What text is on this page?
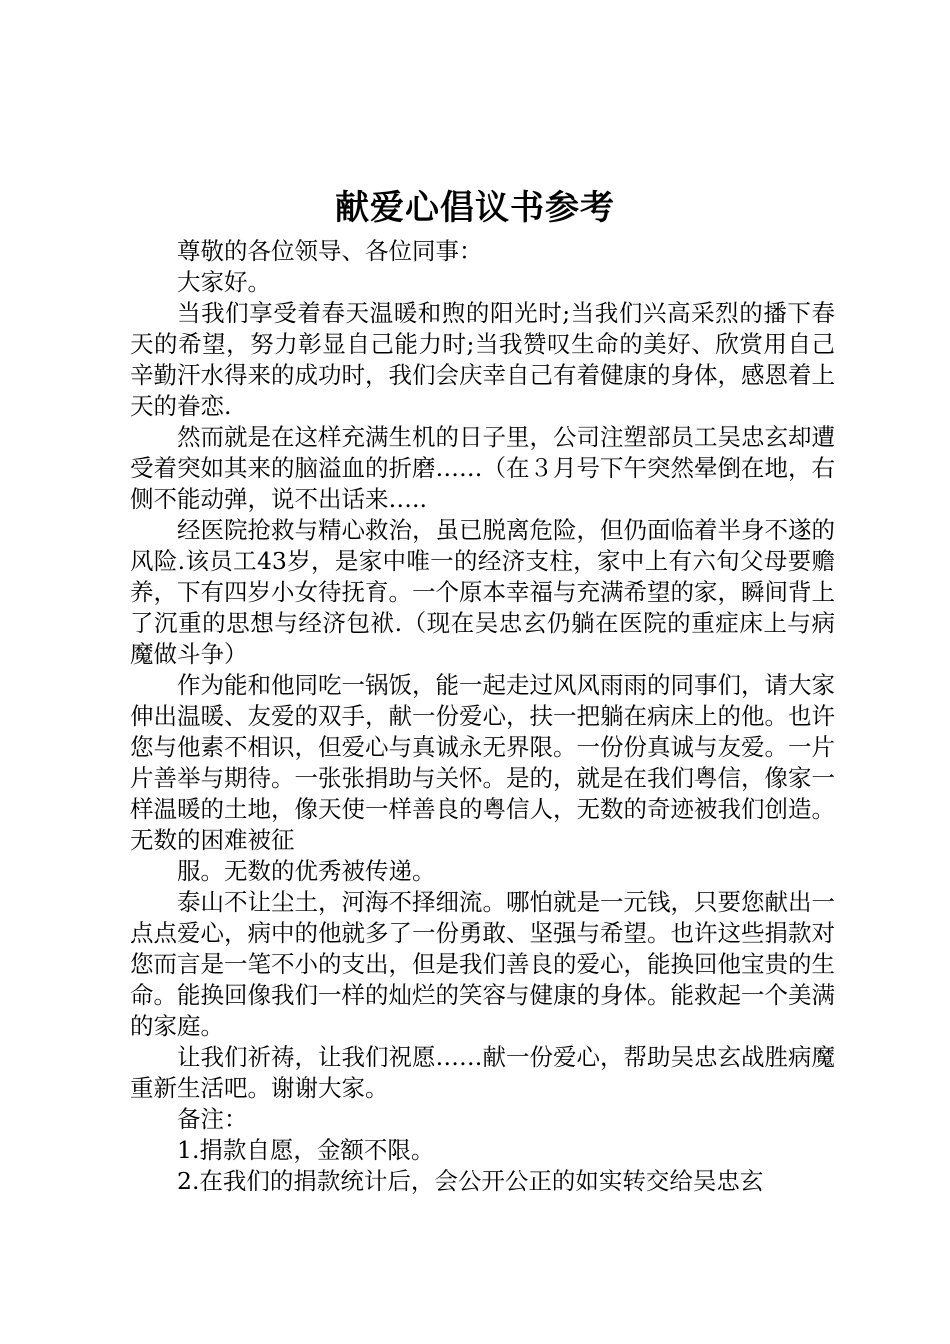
献爱心倡议书参考

尊敬的各位领导、各位同事：

大家好。

当我们享受着春天温暖和煦的阳光时;当我们兴高采烈的播下春天的希望，努力彰显自己能力时;当我赞叹生命的美好、欣赏用自己辛勤汗水得来的成功时，我们会庆幸自己有着健康的身体，感恩着上天的眷恋.

然而就是在这样充满生机的日子里，公司注塑部员工吴忠玄却遭受着突如其来的脑溢血的折磨……（在３月号下午突然晕倒在地，右侧不能动弹，说不出话来…..

经医院抢救与精心救治，虽已脱离危险，但仍面临着半身不遂的风险.该员工43岁，是家中唯一的经济支柱，家中上有六旬父母要赡养，下有四岁小女待抚育。一个原本幸福与充满希望的家，瞬间背上了沉重的思想与经济包袱.（现在吴忠玄仍躺在医院的重症床上与病魔做斗争）

作为能和他同吃一锅饭，能一起走过风风雨雨的同事们，请大家伸出温暖、友爱的双手，献一份爱心，扶一把躺在病床上的他。也许您与他素不相识，但爱心与真诚永无界限。一份份真诚与友爱。一片片善举与期待。一张张捐助与关怀。是的，就是在我们粤信，像家一样温暖的土地，像天使一样善良的粤信人，无数的奇迹被我们创造。无数的困难被征

服。无数的优秀被传递。

泰山不让尘土，河海不择细流。哪怕就是一元钱，只要您献出一点点爱心，病中的他就多了一份勇敢、坚强与希望。也许这些捐款对您而言是一笔不小的支出，但是我们善良的爱心，能换回他宝贵的生命。能换回像我们一样的灿烂的笑容与健康的身体。能救起一个美满的家庭。

让我们祈祷，让我们祝愿……献一份爱心，帮助吴忠玄战胜病魔重新生活吧。谢谢大家。

备注：

1.捐款自愿，金额不限。

2.在我们的捐款统计后，会公开公正的如实转交给吴忠玄
